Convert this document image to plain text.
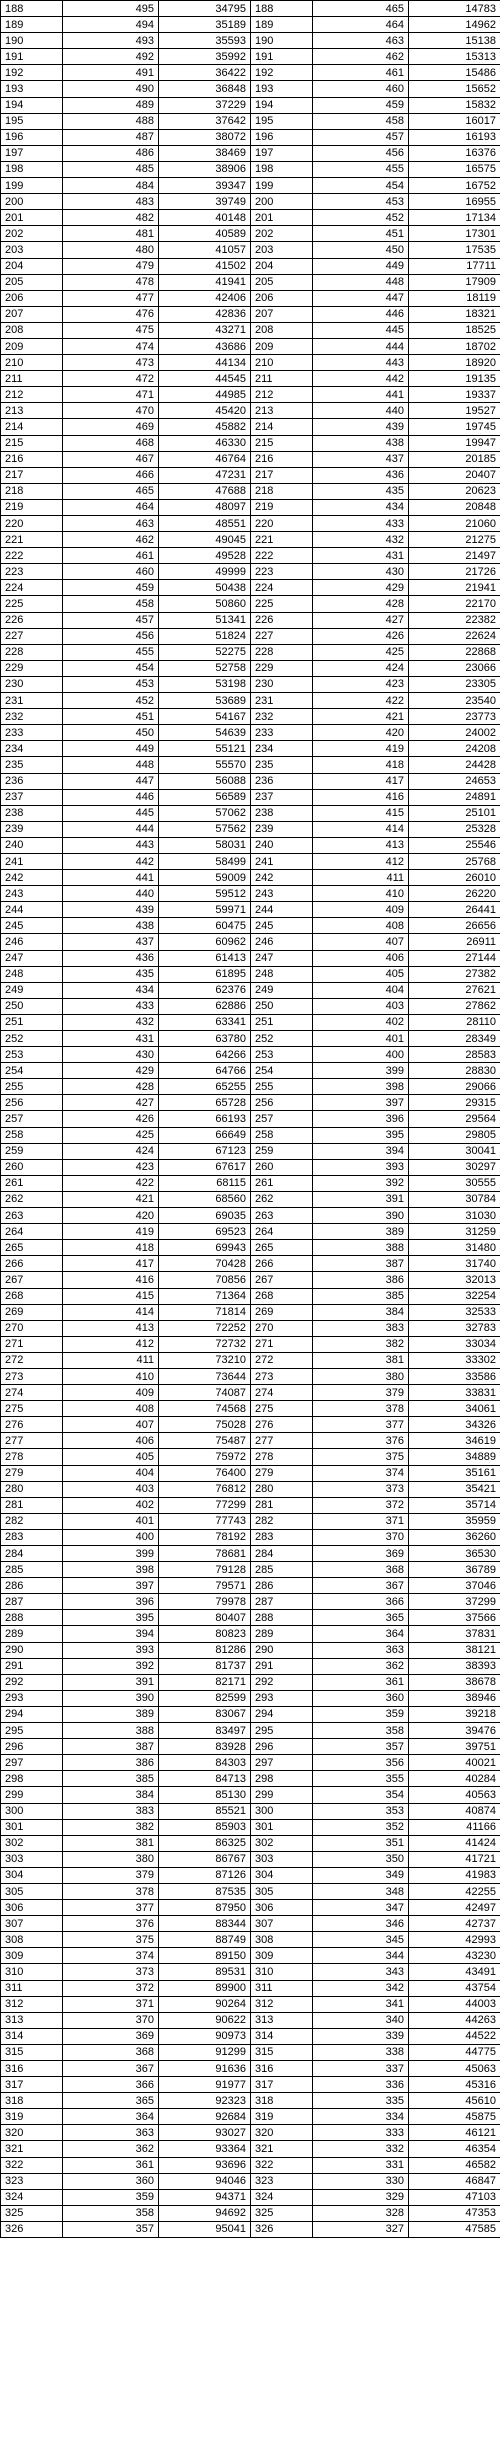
188	495	34795	188	465	14783
189	494	35189	189	464	14962
190	493	35593	190	463	15138
191	492	35992	191	462	15313
192	491	36422	192	461	15486
193	490	36848	193	460	15652
194	489	37229	194	459	15832
195	488	37642	195	458	16017
196	487	38072	196	457	16193
197	486	38469	197	456	16376
198	485	38906	198	455	16575
199	484	39347	199	454	16752
200	483	39749	200	453	16955
201	482	40148	201	452	17134
202	481	40589	202	451	17301
203	480	41057	203	450	17535
204	479	41502	204	449	17711
205	478	41941	205	448	17909
206	477	42406	206	447	18119
207	476	42836	207	446	18321
208	475	43271	208	445	18525
209	474	43686	209	444	18702
210	473	44134	210	443	18920
211	472	44545	211	442	19135
212	471	44985	212	441	19337
213	470	45420	213	440	19527
214	469	45882	214	439	19745
215	468	46330	215	438	19947
216	467	46764	216	437	20185
217	466	47231	217	436	20407
218	465	47688	218	435	20623
219	464	48097	219	434	20848
220	463	48551	220	433	21060
221	462	49045	221	432	21275
222	461	49528	222	431	21497
223	460	49999	223	430	21726
224	459	50438	224	429	21941
225	458	50860	225	428	22170
226	457	51341	226	427	22382
227	456	51824	227	426	22624
228	455	52275	228	425	22868
229	454	52758	229	424	23066
230	453	53198	230	423	23305
231	452	53689	231	422	23540
232	451	54167	232	421	23773
233	450	54639	233	420	24002
234	449	55121	234	419	24208
235	448	55570	235	418	24428
236	447	56088	236	417	24653
237	446	56589	237	416	24891
238	445	57062	238	415	25101
239	444	57562	239	414	25328
240	443	58031	240	413	25546
241	442	58499	241	412	25768
242	441	59009	242	411	26010
243	440	59512	243	410	26220
244	439	59971	244	409	26441
245	438	60475	245	408	26656
246	437	60962	246	407	26911
247	436	61413	247	406	27144
248	435	61895	248	405	27382
249	434	62376	249	404	27621
250	433	62886	250	403	27862
251	432	63341	251	402	28110
252	431	63780	252	401	28349
253	430	64266	253	400	28583
254	429	64766	254	399	28830
255	428	65255	255	398	29066
256	427	65728	256	397	29315
257	426	66193	257	396	29564
258	425	66649	258	395	29805
259	424	67123	259	394	30041
260	423	67617	260	393	30297
261	422	68115	261	392	30555
262	421	68560	262	391	30784
263	420	69035	263	390	31030
264	419	69523	264	389	31259
265	418	69943	265	388	31480
266	417	70428	266	387	31740
267	416	70856	267	386	32013
268	415	71364	268	385	32254
269	414	71814	269	384	32533
270	413	72252	270	383	32783
271	412	72732	271	382	33034
272	411	73210	272	381	33302
273	410	73644	273	380	33586
274	409	74087	274	379	33831
275	408	74568	275	378	34061
276	407	75028	276	377	34326
277	406	75487	277	376	34619
278	405	75972	278	375	34889
279	404	76400	279	374	35161
280	403	76812	280	373	35421
281	402	77299	281	372	35714
282	401	77743	282	371	35959
283	400	78192	283	370	36260
284	399	78681	284	369	36530
285	398	79128	285	368	36789
286	397	79571	286	367	37046
287	396	79978	287	366	37299
288	395	80407	288	365	37566
289	394	80823	289	364	37831
290	393	81286	290	363	38121
291	392	81737	291	362	38393
292	391	82171	292	361	38678
293	390	82599	293	360	38946
294	389	83067	294	359	39218
295	388	83497	295	358	39476
296	387	83928	296	357	39751
297	386	84303	297	356	40021
298	385	84713	298	355	40284
299	384	85130	299	354	40563
300	383	85521	300	353	40874
301	382	85903	301	352	41166
302	381	86325	302	351	41424
303	380	86767	303	350	41721
304	379	87126	304	349	41983
305	378	87535	305	348	42255
306	377	87950	306	347	42497
307	376	88344	307	346	42737
308	375	88749	308	345	42993
309	374	89150	309	344	43230
310	373	89531	310	343	43491
311	372	89900	311	342	43754
312	371	90264	312	341	44003
313	370	90622	313	340	44263
314	369	90973	314	339	44522
315	368	91299	315	338	44775
316	367	91636	316	337	45063
317	366	91977	317	336	45316
318	365	92323	318	335	45610
319	364	92684	319	334	45875
320	363	93027	320	333	46121
321	362	93364	321	332	46354
322	361	93696	322	331	46582
323	360	94046	323	330	46847
324	359	94371	324	329	47103
325	358	94692	325	328	47353
326	357	95041	326	327	47585
